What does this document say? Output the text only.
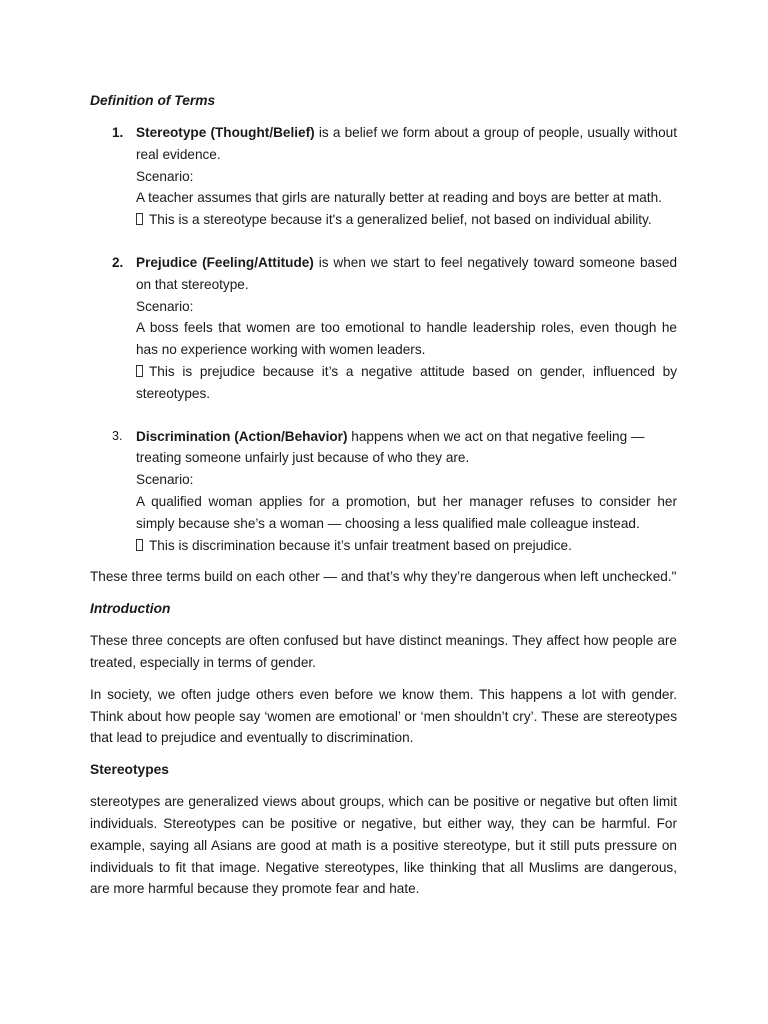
Definition of Terms
1. Stereotype (Thought/Belief) is a belief we form about a group of people, usually without real evidence.

Scenario:

A teacher assumes that girls are naturally better at reading and boys are better at math.

This is a stereotype because it's a generalized belief, not based on individual ability.

2. Prejudice (Feeling/Attitude) is when we start to feel negatively toward someone based on that stereotype.

Scenario:

A boss feels that women are too emotional to handle leadership roles, even though he has no experience working with women leaders.

This is prejudice because it’s a negative attitude based on gender, influenced by stereotypes.

3. Discrimination (Action/Behavior) happens when we act on that negative feeling — treating someone unfairly just because of who they are.

Scenario:

A qualified woman applies for a promotion, but her manager refuses to consider her simply because she’s a woman — choosing a less qualified male colleague instead.

This is discrimination because it’s unfair treatment based on prejudice.

These three terms build on each other — and that’s why they’re dangerous when left unchecked."

Introduction

These three concepts are often confused but have distinct meanings. They affect how people are treated, especially in terms of gender.

In society, we often judge others even before we know them. This happens a lot with gender. Think about how people say ‘women are emotional’ or ‘men shouldn’t cry’. These are stereotypes that lead to prejudice and eventually to discrimination.

Stereotypes

stereotypes are generalized views about groups, which can be positive or negative but often limit individuals. Stereotypes can be positive or negative, but either way, they can be harmful. For example, saying all Asians are good at math is a positive stereotype, but it still puts pressure on individuals to fit that image. Negative stereotypes, like thinking that all Muslims are dangerous, are more harmful because they promote fear and hate.
